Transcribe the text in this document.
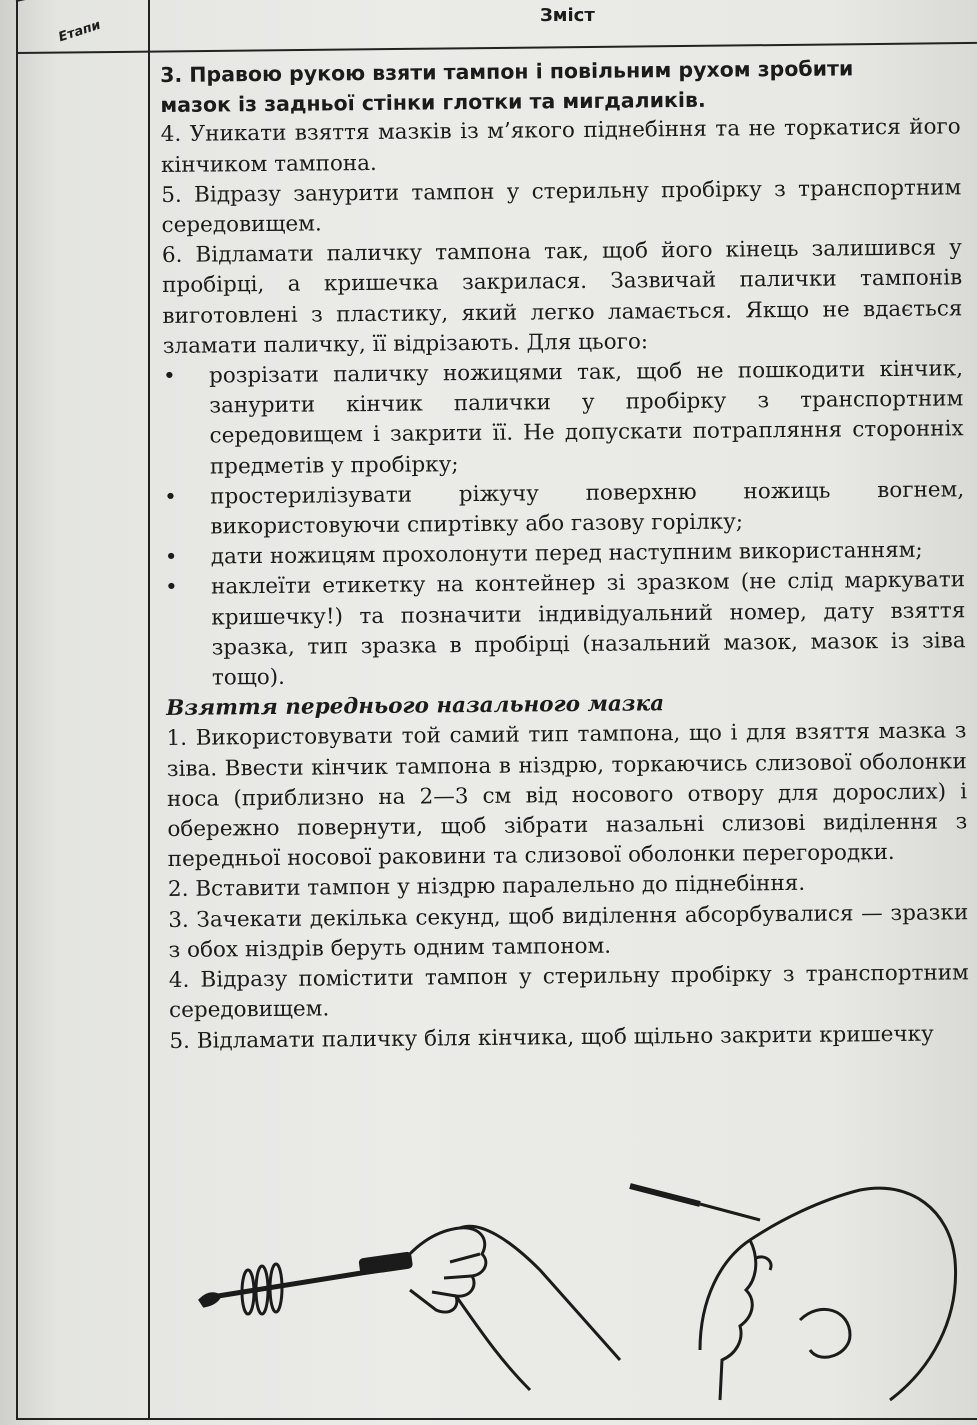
Етапи
Зміст

3. Правою рукою взяти тампон і повільним рухом зробити

мазок із задньої стінки глотки та мигдаликів.

4. Уникати взяття мазків із м’якого піднебіння та не торкатися його кінчиком тампона.

5. Відразу занурити тампон у стерильну пробірку з транспортним середовищем.

6. Відламати паличку тампона так, щоб його кінець залишився у пробірці, а кришечка закрилася. Зазвичай палички тампонів виготовлені з пластику, який легко ламається. Якщо не вдається зламати паличку, її відрізають. Для цього:

•	розрізати паличку ножицями так, щоб не пошкодити кінчик, занурити кінчик палички у пробірку з транспортним середовищем і закрити її. Не допускати потрапляння сторонніх предметів у пробірку;

•	простерилізувати ріжучу поверхню ножиць вогнем, використовуючи спиртівку або газову горілку;

•	дати ножицям прохолонути перед наступним використанням;

•	наклеїти етикетку на контейнер зі зразком (не слід маркувати кришечку!) та позначити індивідуальний номер, дату взяття зразка, тип зразка в пробірці (назальний мазок, мазок із зіва тощо).

Взяття переднього назального мазка

1. Використовувати той самий тип тампона, що і для взяття мазка з зіва. Ввести кінчик тампона в ніздрю, торкаючись слизової оболонки носа (приблизно на 2—3 см від носового отвору для дорослих) і обережно повернути, щоб зібрати назальні слизові виділення з передньої носової раковини та слизової оболонки перегородки.

2. Вставити тампон у ніздрю паралельно до піднебіння.

3. Зачекати декілька секунд, щоб виділення абсорбувалися — зразки з обох ніздрів беруть одним тампоном.

4. Відразу помістити тампон у стерильну пробірку з транспортним середовищем.

5. Відламати паличку біля кінчика, щоб щільно закрити кришечку
